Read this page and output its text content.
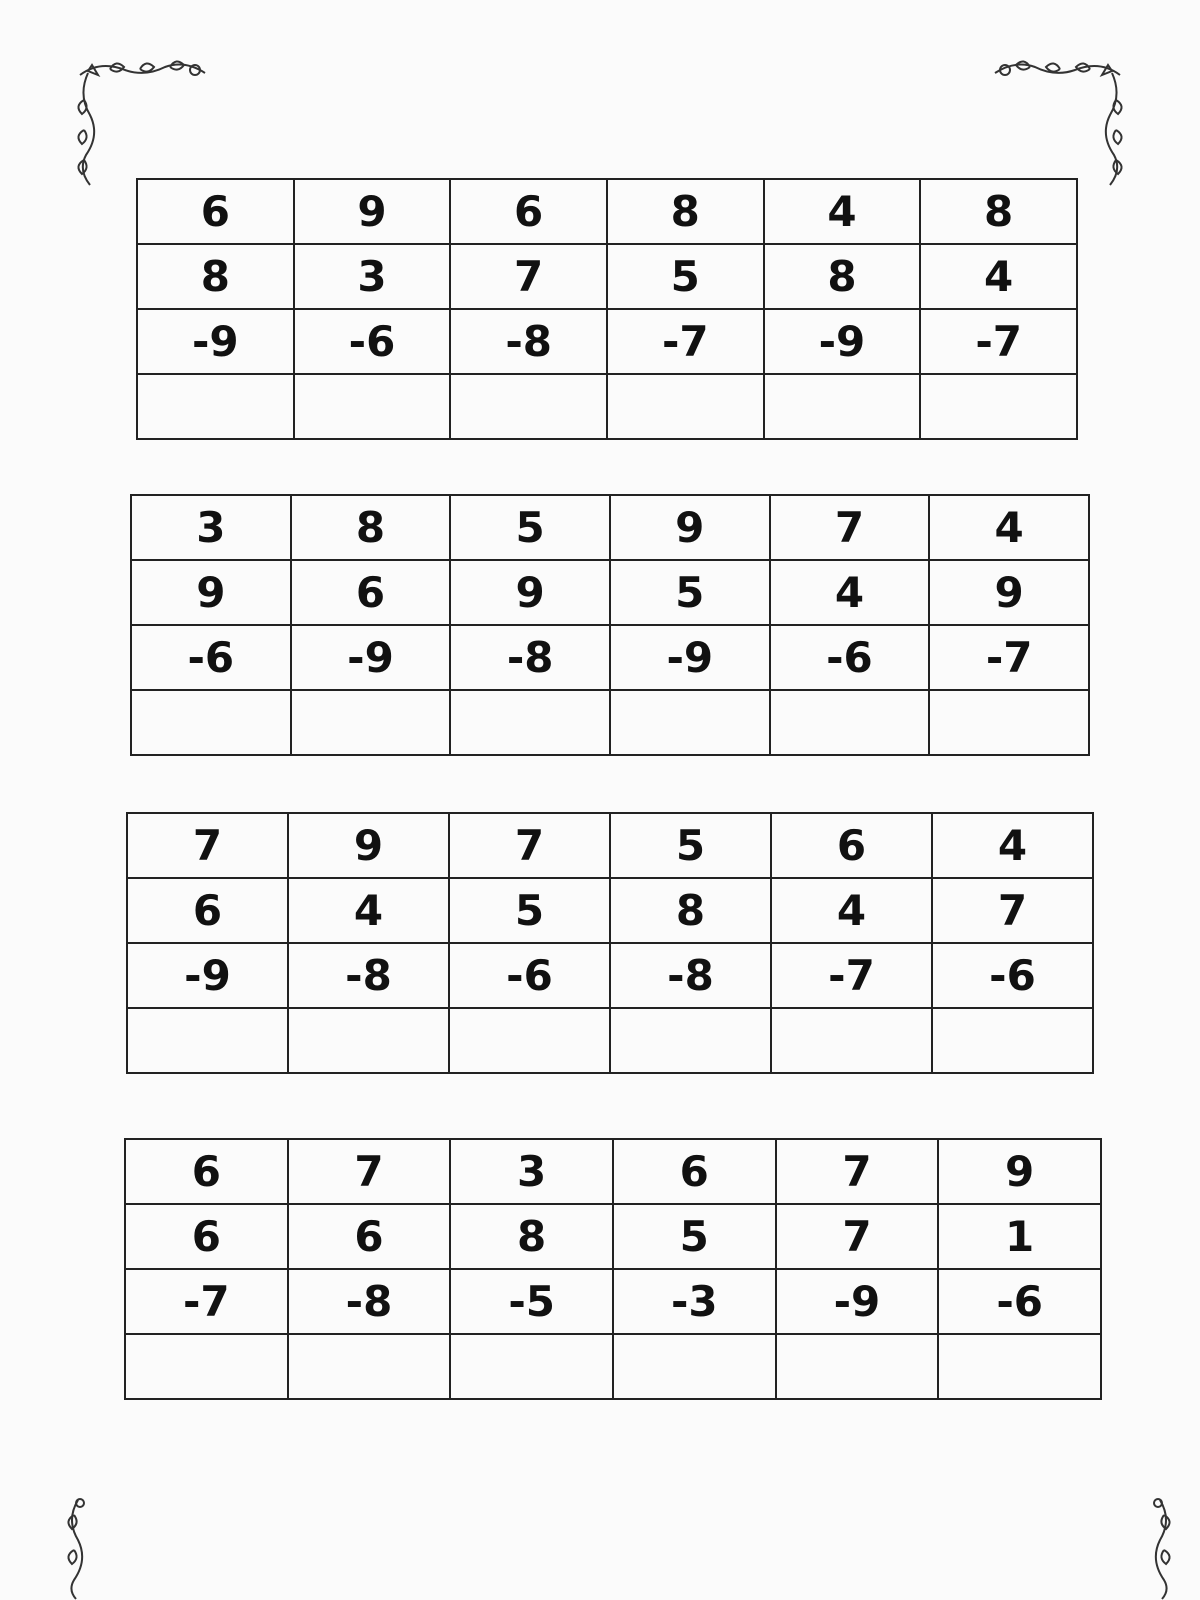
6	9	6	8	4	8
8	3	7	5	8	4
-9	-6	-8	-7	-9	-7

3	8	5	9	7	4
9	6	9	5	4	9
-6	-9	-8	-9	-6	-7

7	9	7	5	6	4
6	4	5	8	4	7
-9	-8	-6	-8	-7	-6

6	7	3	6	7	9
6	6	8	5	7	1
-7	-8	-5	-3	-9	-6
